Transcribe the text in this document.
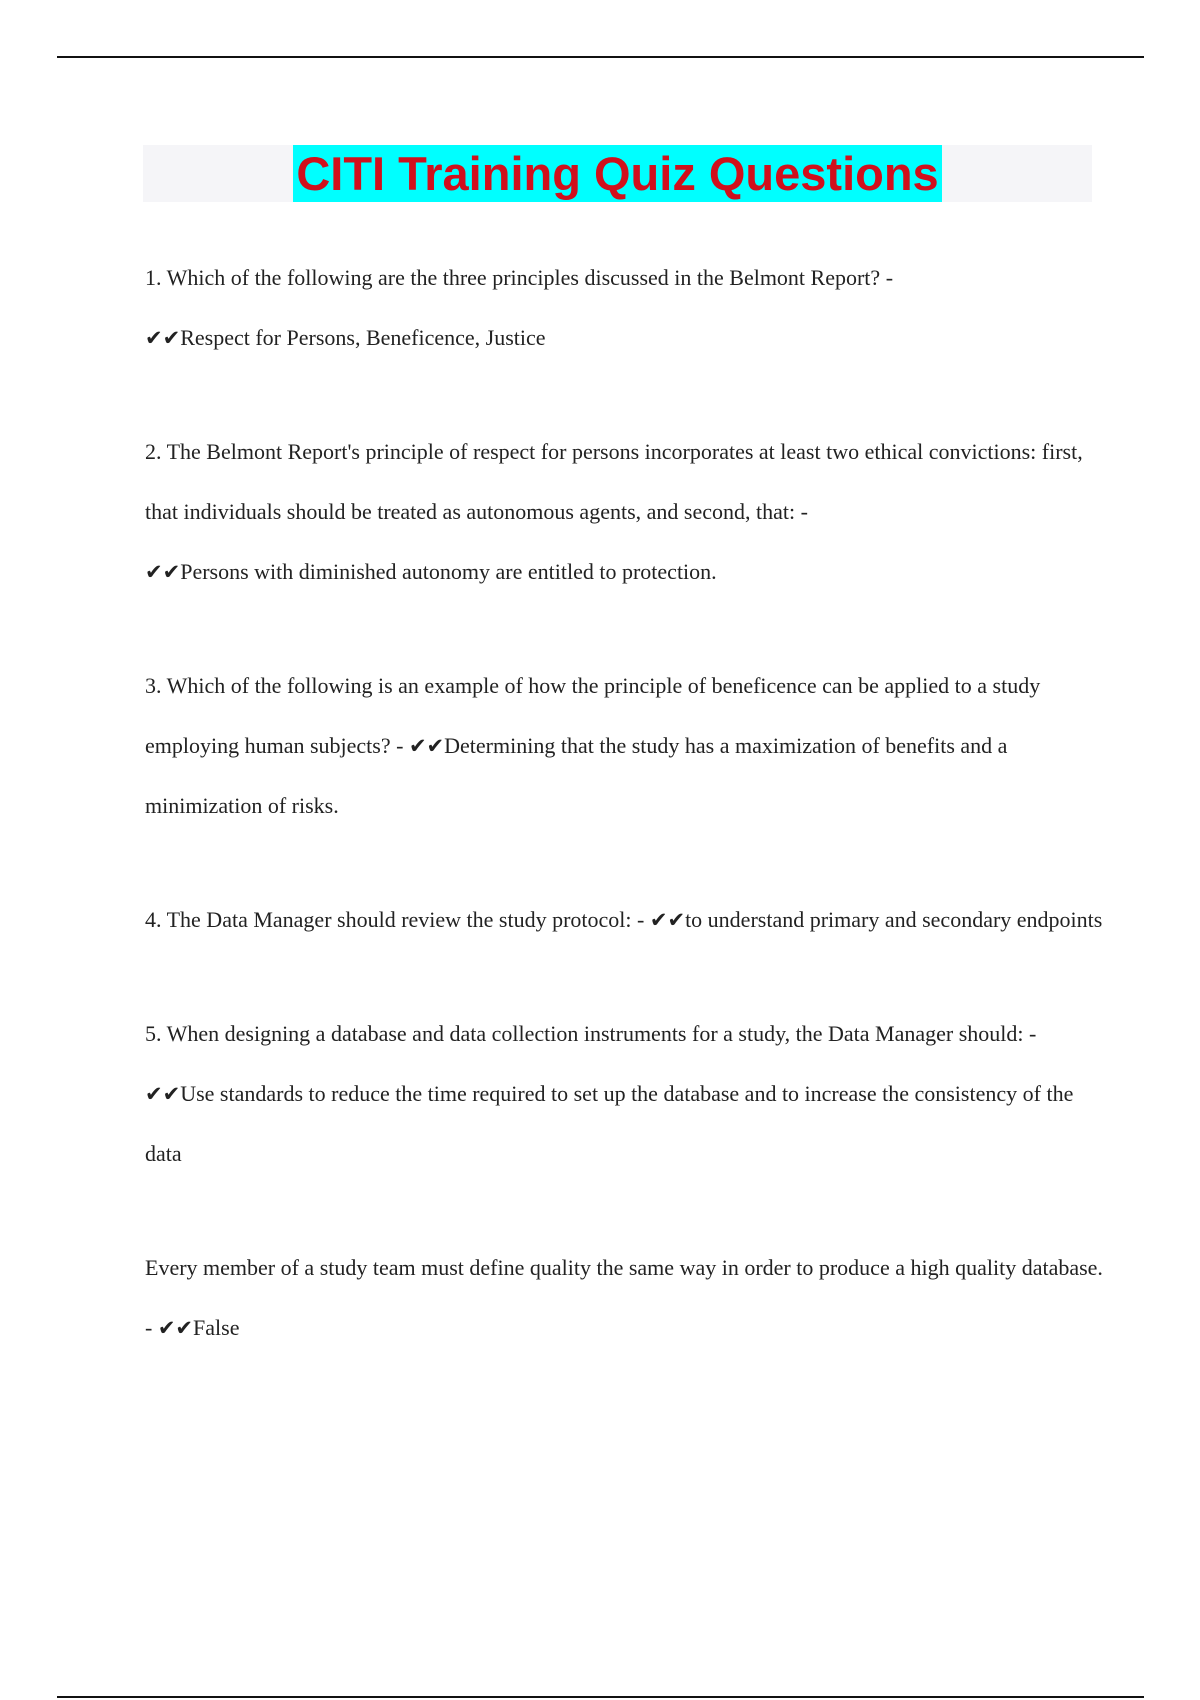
CITI Training Quiz Questions
1. Which of the following are the three principles discussed in the Belmont Report? -
✔✔Respect for Persons, Beneficence, Justice
2. The Belmont Report's principle of respect for persons incorporates at least two ethical convictions: first, that individuals should be treated as autonomous agents, and second, that: -
✔✔Persons with diminished autonomy are entitled to protection.
3. Which of the following is an example of how the principle of beneficence can be applied to a study employing human subjects? - ✔✔Determining that the study has a maximization of benefits and a minimization of risks.
4. The Data Manager should review the study protocol: - ✔✔to understand primary and secondary endpoints
5. When designing a database and data collection instruments for a study, the Data Manager should: - ✔✔Use standards to reduce the time required to set up the database and to increase the consistency of the data
Every member of a study team must define quality the same way in order to produce a high quality database. - ✔✔False
